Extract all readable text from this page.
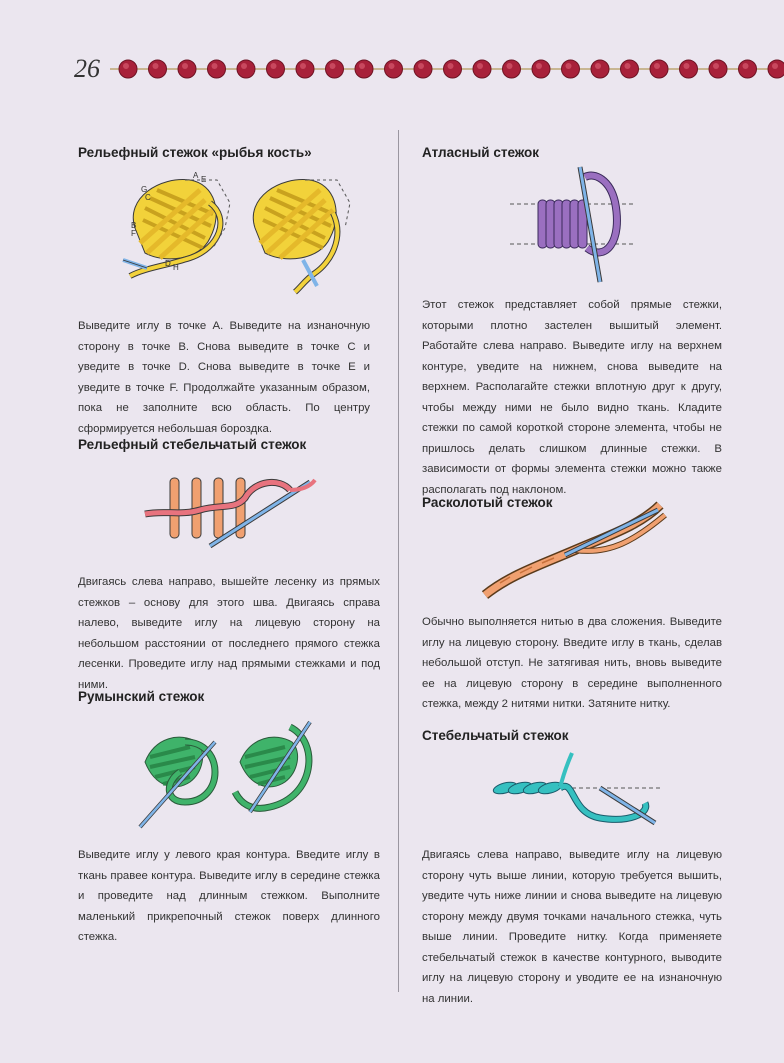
26
Рельефный стежок «рыбья кость»
A E
G
C
B
F
D H

Выведите иглу в точке А. Выведите на изнаночную сторону в точке В. Снова выведите в точке С и уведите в точке D. Снова выведите в точке E и уведите в точке F. Продолжайте указанным образом, пока не заполните всю область. По центру сформируется небольшая бороздка.

Рельефный стебельчатый стежок

Двигаясь слева направо, вышейте лесенку из прямых стежков – основу для этого шва. Двигаясь справа налево, выведите иглу на лицевую сторону на небольшом расстоянии от последнего прямого стежка лесенки. Проведите иглу над прямыми стежками и под ними.

Румынский стежок

Выведите иглу у левого края контура. Введите иглу в ткань правее контура. Выведите иглу в середине стежка и проведите над длинным стежком. Выполните маленький прикрепочный стежок поверх длинного стежка.

Атласный стежок

Этот стежок представляет собой прямые стежки, которыми плотно застелен вышитый элемент. Работайте слева направо. Выведите иглу на верхнем контуре, уведите на нижнем, снова выведите на верхнем. Располагайте стежки вплотную друг к другу, чтобы между ними не было видно ткань. Кладите стежки по самой короткой стороне элемента, чтобы не пришлось делать слишком длинные стежки. В зависимости от формы элемента стежки можно также располагать под наклоном.

Расколотый стежок

Обычно выполняется нитью в два сложения. Выведите иглу на лицевую сторону. Введите иглу в ткань, сделав небольшой отступ. Не затягивая нить, вновь выведите ее на лицевую сторону в середине выполненного стежка, между 2 нитями нитки. Затяните нитку.

Стебельчатый стежок

Двигаясь слева направо, выведите иглу на лицевую сторону чуть выше линии, которую требуется вышить, уведите чуть ниже линии и снова выведите на лицевую сторону между двумя точками начального стежка, чуть выше линии. Проведите нитку. Когда применяете стебельчатый стежок в качестве контурного, выводите иглу на лицевую сторону и уводите ее на изнаночную на линии.
